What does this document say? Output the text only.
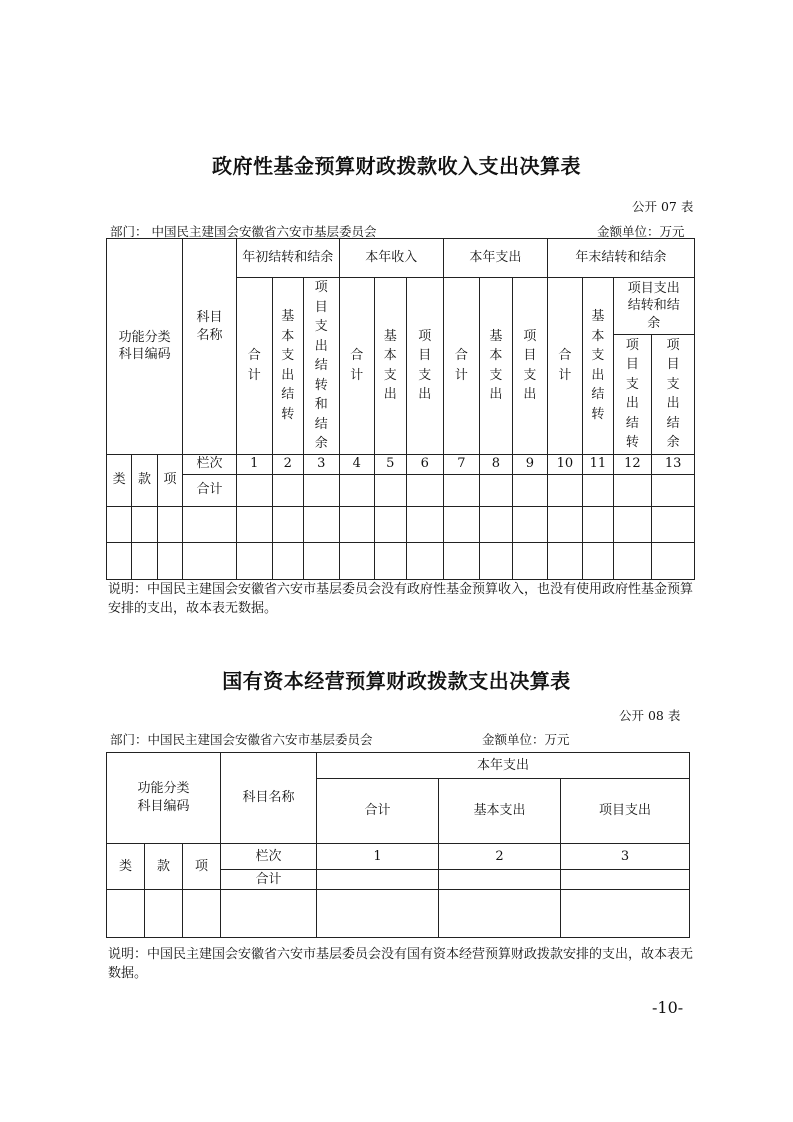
政府性基金预算财政拨款收入支出决算表
公开 07 表
部门： 中国民主建国会安徽省六安市基层委员会	金额单位：万元
功能分类科目编码			科目名称	年初结转和结余			本年收入			本年支出			年末结转和结余			
				合计	基本支出结转	项目支出结转和结余	合计	基本支出	项目支出	合计	基本支出	项目支出	合计	基本支出结转	项目支出结转和结余	
															项目支出结转	项目支出结余
类	款	项	栏次	1	2	3	4	5	6	7	8	9	10	11	12	13
			合计													

说明：中国民主建国会安徽省六安市基层委员会没有政府性基金预算收入，也没有使用政府性基金预算安排的支出，故本表无数据。
国有资本经营预算财政拨款支出决算表
公开 08 表
部门：中国民主建国会安徽省六安市基层委员会	金额单位：万元
功能分类科目编码			科目名称	本年支出		
				合计	基本支出	项目支出
类	款	项	栏次	1	2	3
			合计			

说明：中国民主建国会安徽省六安市基层委员会没有国有资本经营预算财政拨款安排的支出，故本表无数据。
-10-
